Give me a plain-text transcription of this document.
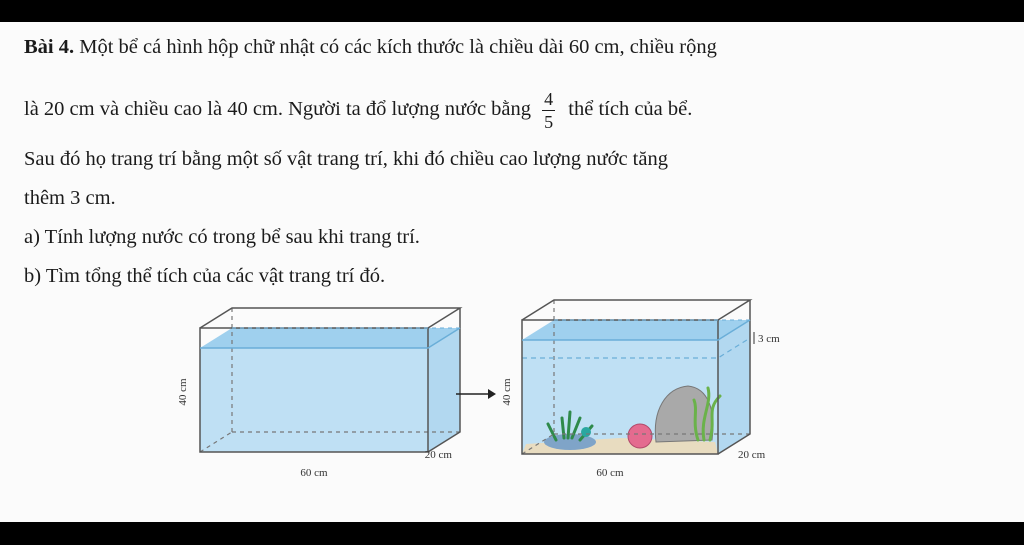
Bài 4. Một bể cá hình hộp chữ nhật có các kích thước là chiều dài 60 cm, chiều rộng

là 20 cm và chiều cao là 40 cm. Người ta đổ lượng nước bằng $\frac{4}{5}$ thể tích của bể.

Sau đó họ trang trí bằng một số vật trang trí, khi đó chiều cao lượng nước tăng

thêm 3 cm.

a) Tính lượng nước có trong bể sau khi trang trí.

b) Tìm tổng thể tích của các vật trang trí đó.

40 cm
60 cm
20 cm
3 cm
40 cm
60 cm
20 cm
